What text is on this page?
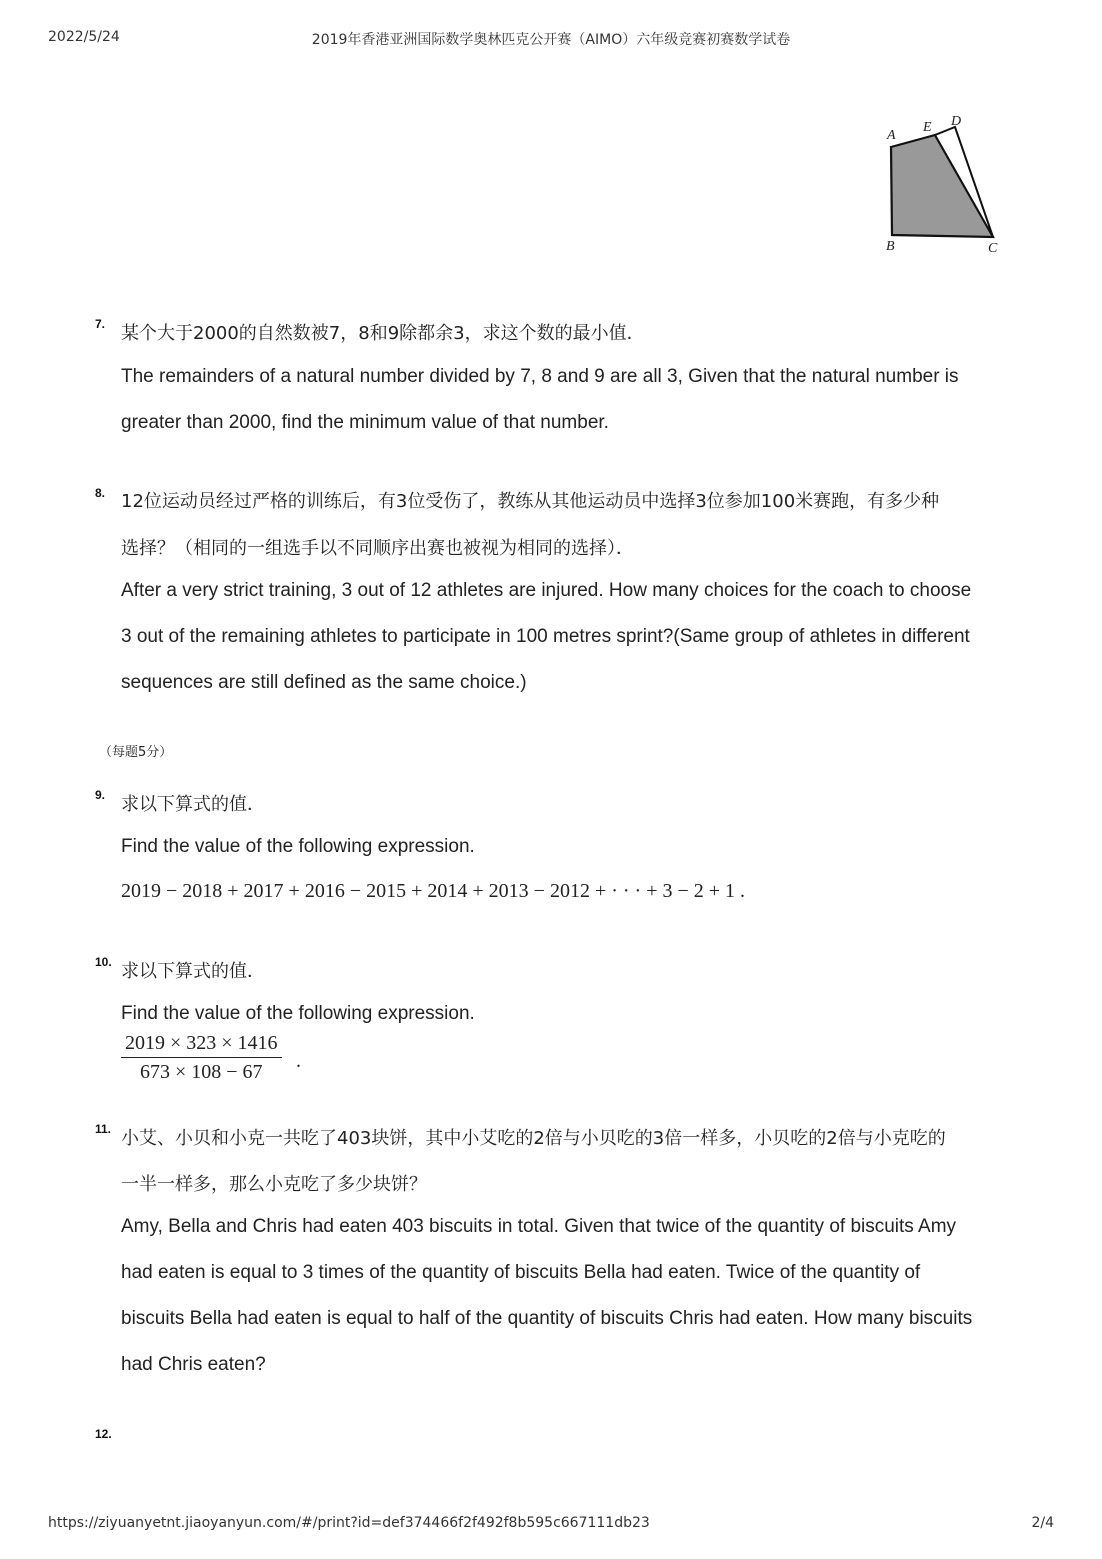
2022/5/24	2019年香港亚洲国际数学奥林匹克公开赛（AIMO）六年级竞赛初赛数学试卷
A
E D
B	C
7. 某个大于2000的自然数被7，8和9除都余3，求这个数的最小值．
The remainders of a natural number divided by 7, 8 and 9 are all 3, Given that the natural number is
greater than 2000, find the minimum value of that number.
8. 12位运动员经过严格的训练后，有3位受伤了，教练从其他运动员中选择3位参加100米赛跑，有多少种
选择？（相同的一组选手以不同顺序出赛也被视为相同的选择）．
After a very strict training, 3 out of 12 athletes are injured. How many choices for the coach to choose
3 out of the remaining athletes to participate in 100 metres sprint?(Same group of athletes in different
sequences are still defined as the same choice.)
（每题5分）
9. 求以下算式的值．
Find the value of the following expression.
2019 − 2018 + 2017 + 2016 − 2015 + 2014 + 2013 − 2012 + · · · + 3 − 2 + 1 .
10. 求以下算式的值．
Find the value of the following expression.
2019 × 323 × 1416
673 × 108 − 67	.
11. 小艾、小贝和小克一共吃了403块饼，其中小艾吃的2倍与小贝吃的3倍一样多，小贝吃的2倍与小克吃的
一半一样多，那么小克吃了多少块饼？
Amy, Bella and Chris had eaten 403 biscuits in total. Given that twice of the quantity of biscuits Amy
had eaten is equal to 3 times of the quantity of biscuits Bella had eaten. Twice of the quantity of
biscuits Bella had eaten is equal to half of the quantity of biscuits Chris had eaten. How many biscuits
had Chris eaten?
12.
https://ziyuanyetnt.jiaoyanyun.com/#/print?id=def374466f2f492f8b595c667111db23	2/4
